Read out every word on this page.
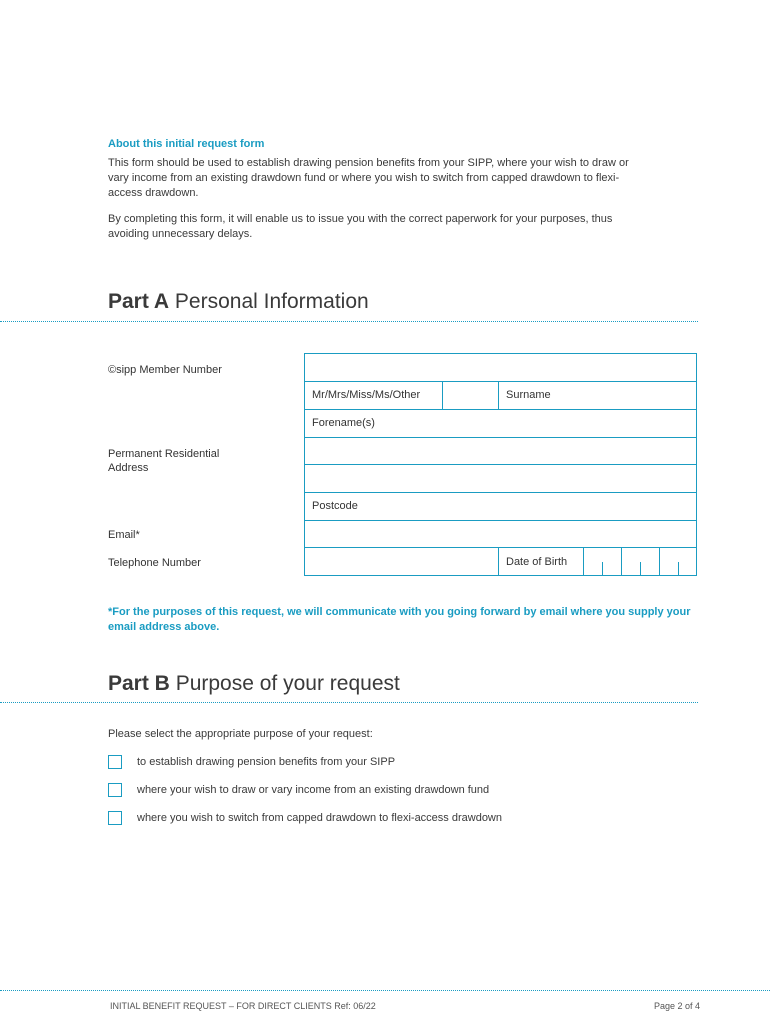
About this initial request form
This form should be used to establish drawing pension benefits from your SIPP, where your wish to draw or vary income from an existing drawdown fund or where you wish to switch from capped drawdown to flexi-access drawdown.
By completing this form, it will enable us to issue you with the correct paperwork for your purposes, thus avoiding unnecessary delays.
Part A Personal Information
©sipp Member Number
Permanent Residential
Address
Email*
Telephone Number
Mr/Mrs/Miss/Ms/Other	Surname
Forename(s)
Postcode
Date of Birth
*For the purposes of this request, we will communicate with you going forward by email where you supply your email address above.
Part B Purpose of your request
Please select the appropriate purpose of your request:
to establish drawing pension benefits from your SIPP
where your wish to draw or vary income from an existing drawdown fund
where you wish to switch from capped drawdown to flexi-access drawdown
INITIAL BENEFIT REQUEST – FOR DIRECT CLIENTS Ref: 06/22	Page 2 of 4
